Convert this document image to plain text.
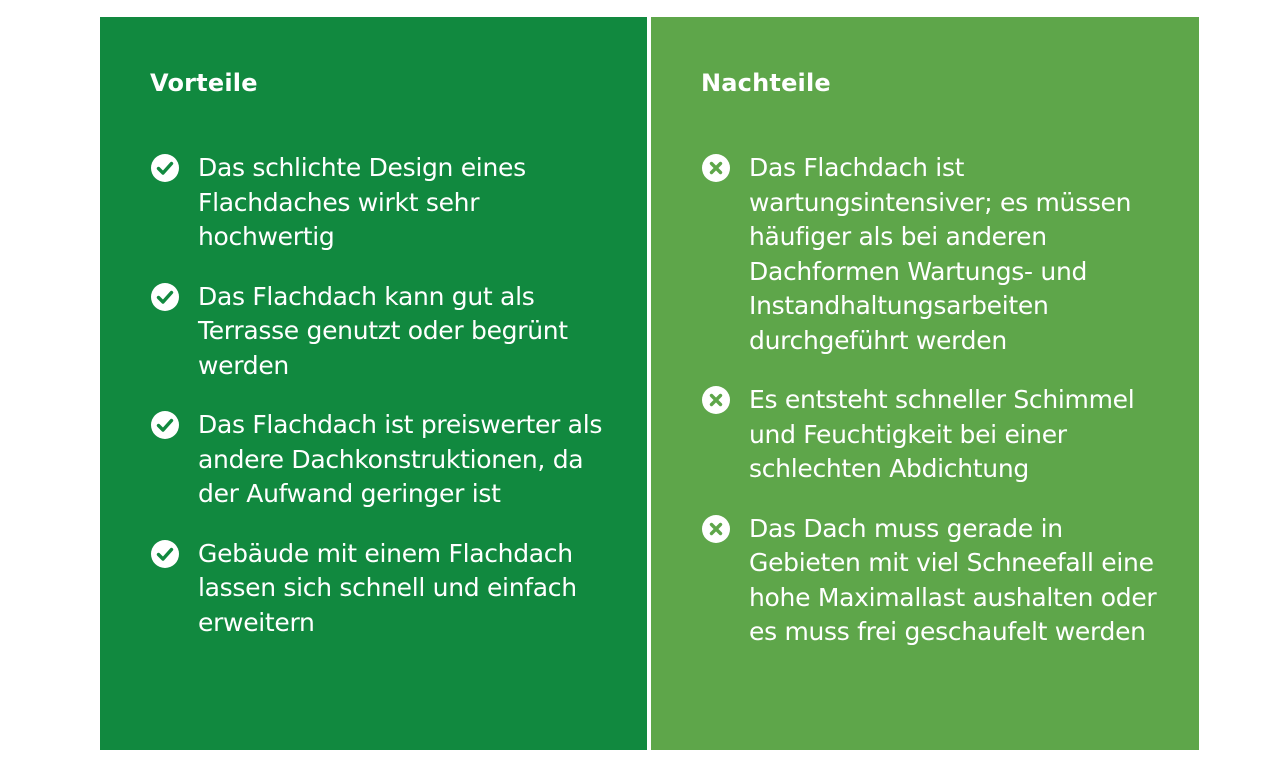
Vorteile
Das schlichte Design eines Flachdaches wirkt sehr hochwertig
Das Flachdach kann gut als Terrasse genutzt oder begrünt werden
Das Flachdach ist preiswerter als andere Dachkonstruktionen, da der Aufwand geringer ist
Gebäude mit einem Flachdach lassen sich schnell und einfach erweitern
Nachteile
Das Flachdach ist wartungsintensiver; es müssen häufiger als bei anderen Dachformen Wartungs- und Instandhaltungsarbeiten durchgeführt werden
Es entsteht schneller Schimmel und Feuchtigkeit bei einer schlechten Abdichtung
Das Dach muss gerade in Gebieten mit viel Schneefall eine hohe Maximallast aushalten oder es muss frei geschaufelt werden
